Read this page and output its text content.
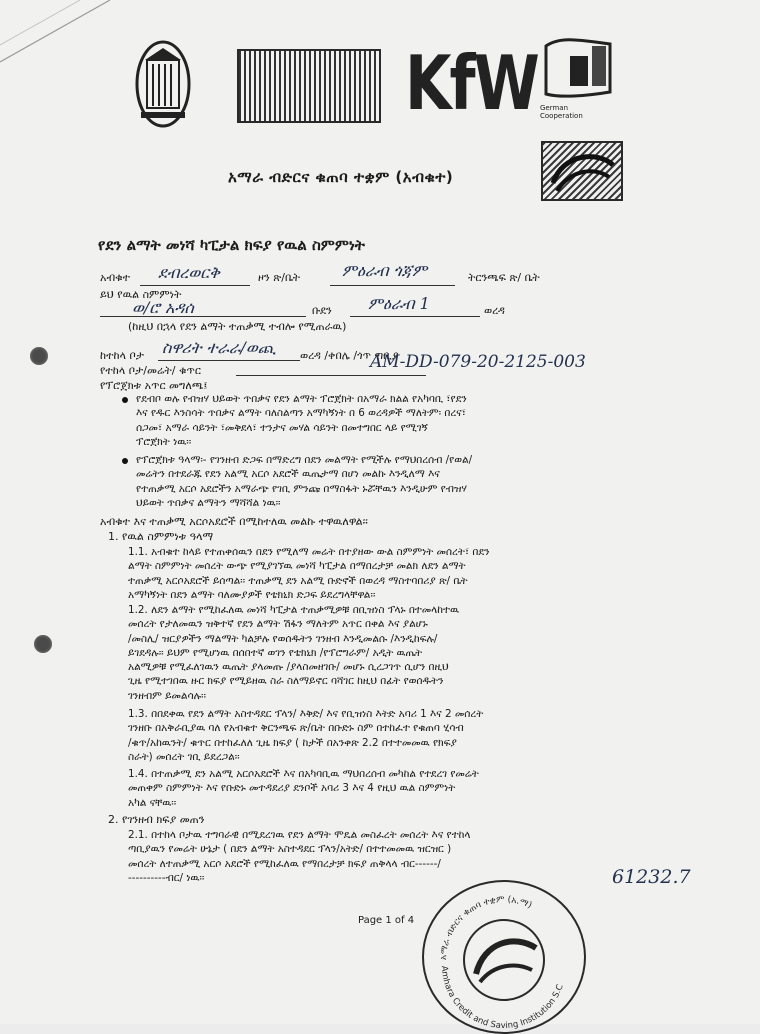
KfW German
Cooperation
አማራ ብድርና ቁጠባ ተቋም (አብቁተ)
የደን ልማት መነሻ ካፒታል ክፍያ የዉል ስምምነት
አብቁተ ደብረወርቅ	ዞን ጽ/ቤት	ምዕራብ ጎጃም	ትርንጫፍ ጽ/ ቤት
ይህ የዉል ስምምነት
ወ/ሮ አዳሰ	ቡደን ምዕራብ 1	ወረዳ
(ከዚህ በኋላ የደን ልማት ተጠቃሚ ተብሎ የሚጠራዉ)
ከተከላ ቦታ ስዋሪት ተራራ/ወጪ ወረዳ /ቀበሌ /ጎጥ ጣቢያ
የተከላ ቦታ/መሬት/ ቁጥር	AM-DD-079-20-2125-003
የፕሮጀክቱ አጥር መግለጫ፤
የደብቦ ወሉ የብዝሃ ህይወት ጥበቃና የደን ልማት ፕሮጀክት በአማራ ክልል የአካባቢ ፣የደን
እና የዱር እንስሳት ጥበቃና ልማት ባለስልጣን አማካኝነት በ 6 ወረዳዎች ማለትም፡ በረና፣
ሰጋመ፣ አማራ ሳይንት ፣መቅደላ፣ ተንታና መሃል ሳይንት በመተግበር ላይ የሚገኝ
ፕሮጀክት ነዉ፡፡
የፕሮጀክቱ ዓላማ፡- የገንዘብ ድጋፍ በማድረግ በደን መልማት የሚችሉ የማህበረሰብ /የወል/
መሬትን በተደራጁ የደን አልሚ አርሶ አደሮች ዉጤታማ በሆነ መልኩ እንዲለማ እና
የተጠቃሚ አርሶ አደሮችን አማራጭ የገቢ ምንጩ በማስፋት ኑሯቸዉን እንዲሁም የብዝሃ
ህይወት ጥበቃና ልማትን ማሻሻል ነዉ፡፡
አብቁተ እና ተጠቃሚ አርሶአደሮች በሚከተለዉ መልኩ ተዋዉለዋል፡፡
1. የዉል ስምምነቱ ዓላማ
1.1. አብቁተ ከላይ የተጠቀሰዉን በደን የሚለማ መሬት በተያዘው ውል ስምምነት መሰረት፣ በደን
ልማት ስምምነት መሰረት ውጭ የሚያገኘዉ መነሻ ካፒታል በማበረታቻ መልክ ለደን ልማት
ተጠቃሚ አርሶአደሮች ይሰጣል፡፡ ተጠቃሚ ደን አልሚ ቡድኖች በወረዳ ማስተባበሪያ ጽ/ ቤት
አማካኝነት በደን ልማት ባለሙያዎች የቴክኒክ ድጋፍ ይደረግላቸዋል፡፡
1.2. ለደን ልማት የሚከፈለዉ መነሻ ካፒታል ተጠቃሚዎቹ በቢዝነስ ፕላኑ በተመላከተዉ
መሰረት የታለመዉን ዝቅተኛ የደን ልማት ሽፋን ማለትም አጥር በቀል እና ያልሆኑ
/መስሊ/ ዝርያዎችን ማልማት ካልቻሉ የወሰዱትን ገንዘብ እንዲመልሱ /እንዲከፍሉ/
ይገደዳሉ፡፡ ይህም የሚሆነዉ በሰበተኛ ወገን የቴክኒክ /የፕሮግራም/ አዲት ዉጤት
አልሚዎቹ የሚፈለገዉን ዉጤት ያላመጡ /ያላስመዘገቡ/ መሆኑ ሲረጋገጥ ሲሆን በዚህ
ጊዜ የሚተገበዉ ዙር ክፍያ የሚይዘዉ ስራ ስለማይኖር ባሻገር ከዚህ በፊት የወሰዱትን
ገንዘብም ይመልሳሉ፡፡
1.3. በበደቀዉ የደን ልማት አስተዳደር ፕላን/ እቅድ/ እና የቢዝነስ እትድ አባሪ 1 እና 2 መሰረት
ገንዘቡ በአቅራቢያዉ ባለ የአብቁተ ቅርንጫፍ ጽ/ቤት በቡድኑ ስም በተከፈተ የቁጠባ ሂሳብ
/ቁጥ/አከዉንት/ ቁጥር በተከፈለለ ጊዜ ክፍያ ( ከታች በአንቀጽ 2.2 በተተመመዉ የክፍያ
ስራት) መሰረት ገቢ ይደረጋል፡፡
1.4. በተጠቃሚ ደን አልሚ አርሶአደሮች እና በአካባቢዉ ማህበረሰብ መካከል የተደረገ የመሬት
መጠቀም ስምምነት እና የቡድኑ መተዳደሪያ ደንቦች አባሪ 3 እና 4 የዚህ ዉል ስምምነት
አካል ናቸዉ፡፡
2. የገንዘብ ክፍያ መጠን
2.1. በተከላ ቦታዉ ተግባራዊ በሚደረገዉ የደን ልማት ሞዴል መስፈረት መሰረት እና የተከላ
ጣቢያዉን የመሬት ሁኔታ ( በደን ልማት አስተዳደር ፕላን/አትድ/ በተተመመዉ ዝርዝር )
መሰረት ለተጠቃሚ አርሶ አደሮች የሚከፈለዉ የማበረታቻ ክፍያ ጠቅላላ ብር------/
----------ብር/ ነዉ፡፡	61232.7
Page 1 of 4
አማራ ብድርና ቁጠባ ተቋም (አ.ማ)
Amhara Credit and Saving Institution S.C
